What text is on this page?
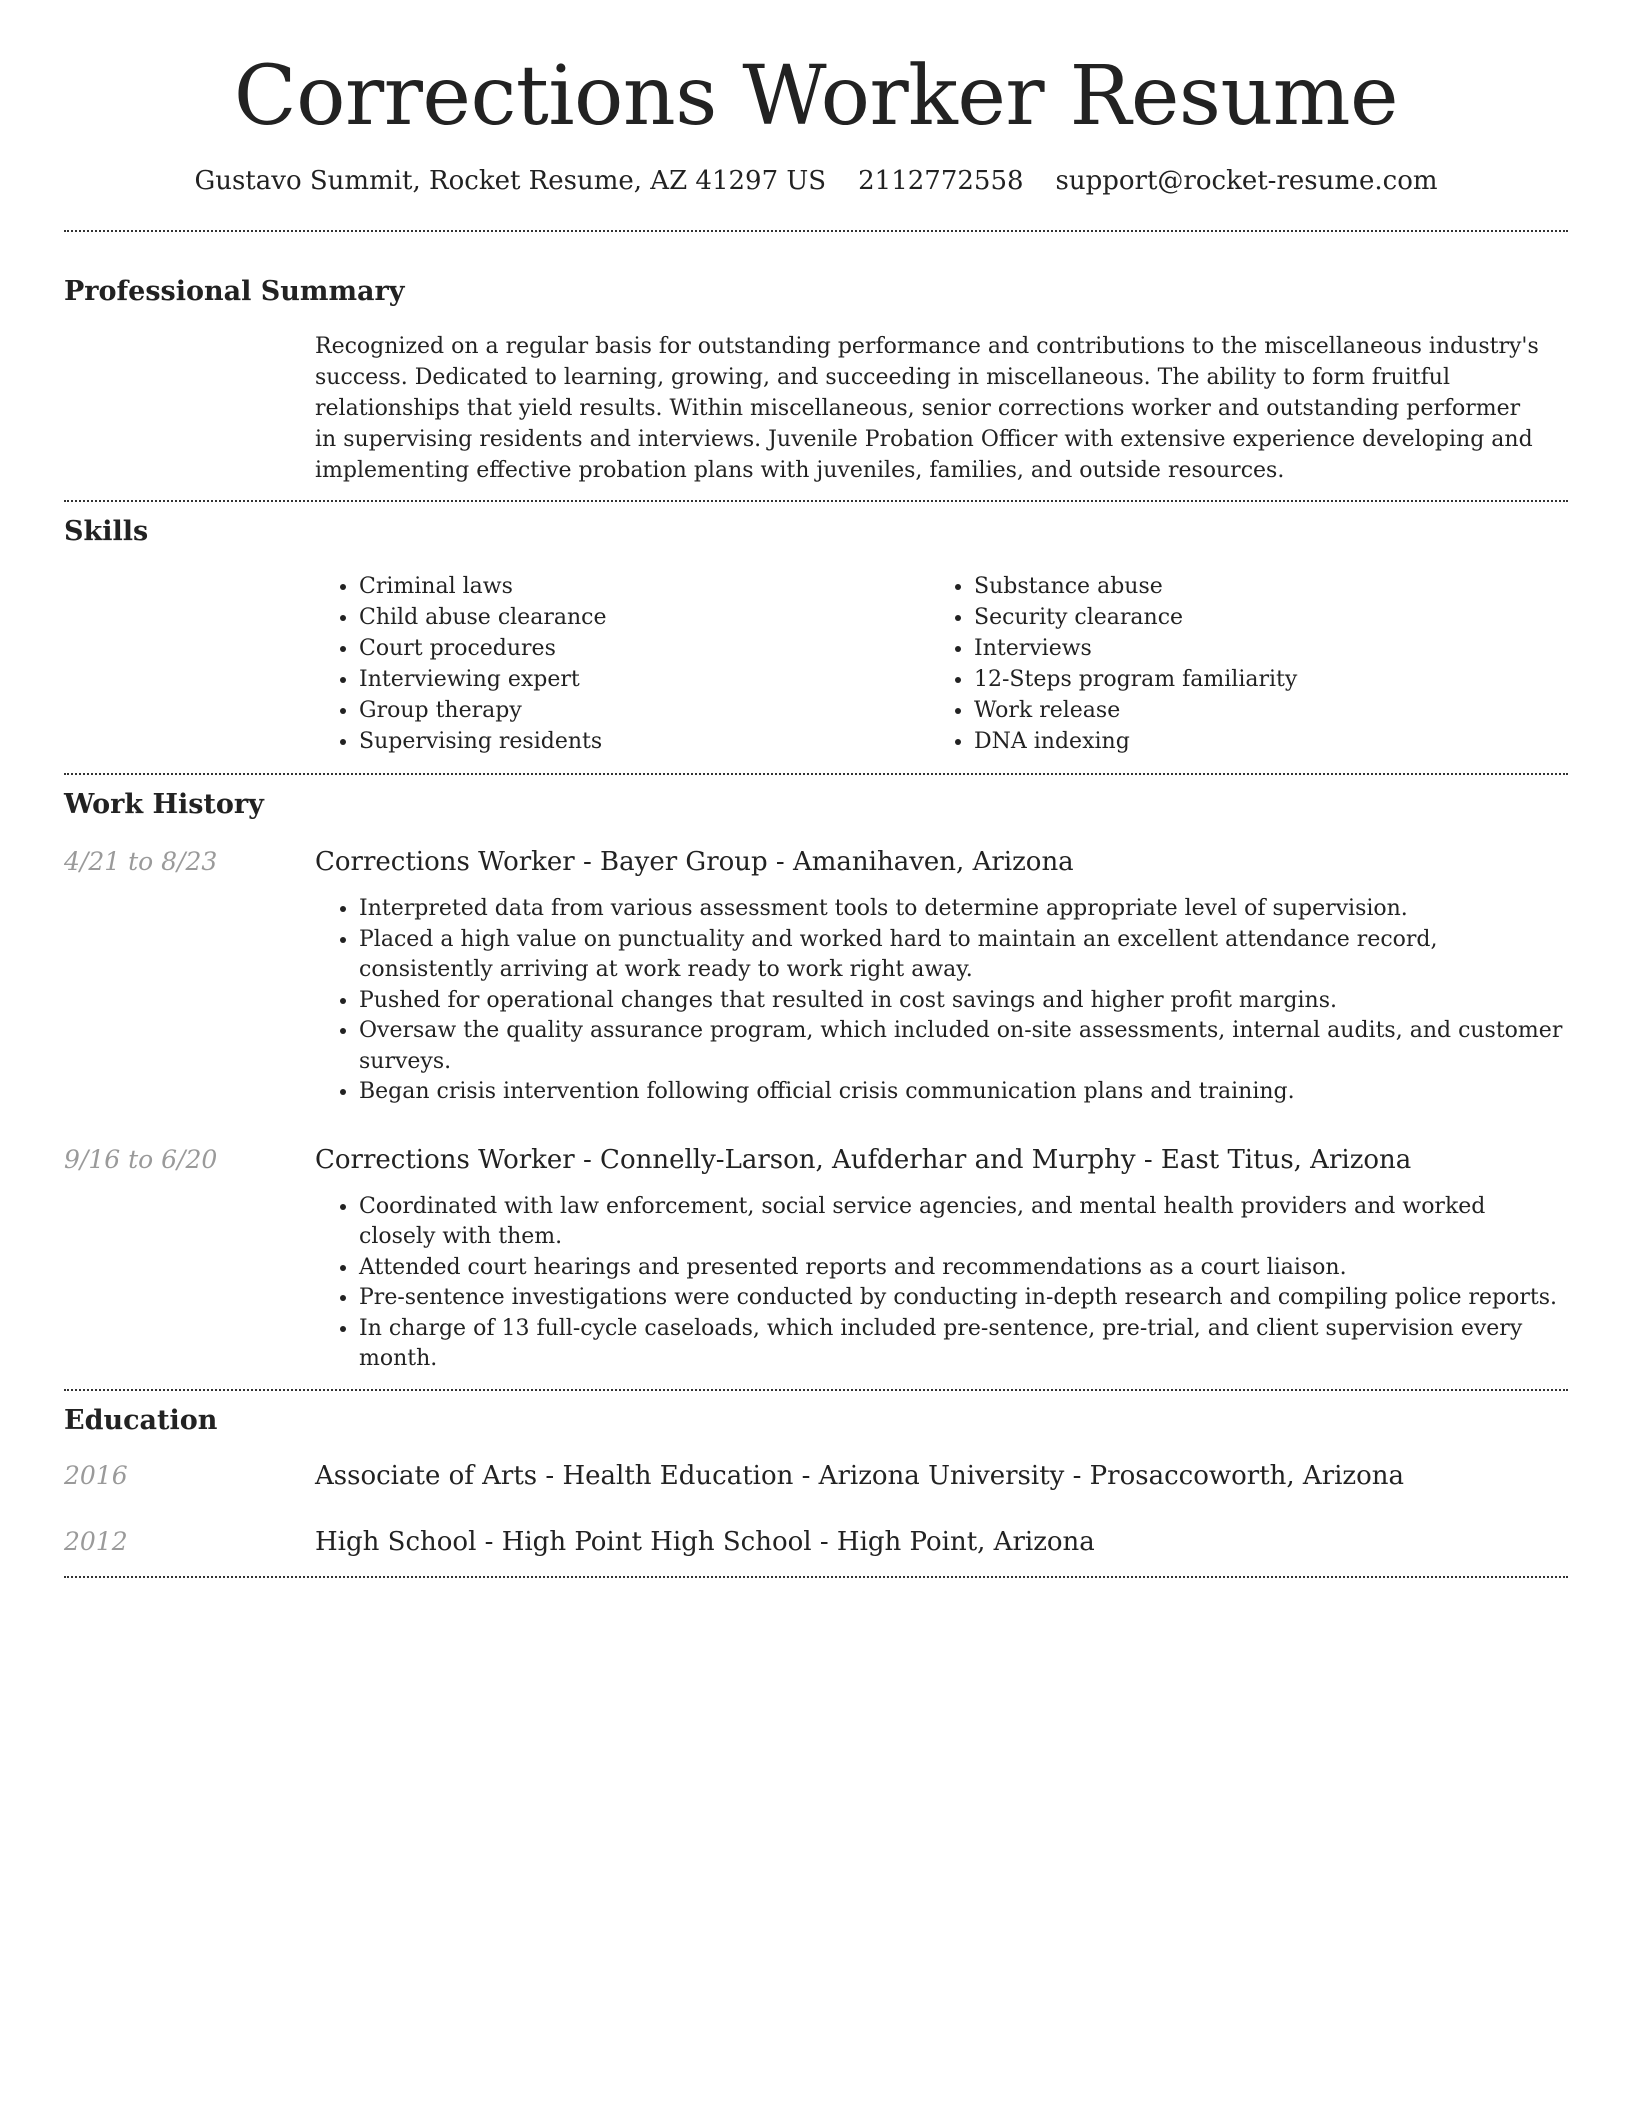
Corrections Worker Resume
Gustavo Summit, Rocket Resume, AZ 41297 US 2112772558 support@rocket-resume.com
Professional Summary

Recognized on a regular basis for outstanding performance and contributions to the miscellaneous industry's success. Dedicated to learning, growing, and succeeding in miscellaneous. The ability to form fruitful relationships that yield results. Within miscellaneous, senior corrections worker and outstanding performer in supervising residents and interviews. Juvenile Probation Officer with extensive experience developing and implementing effective probation plans with juveniles, families, and outside resources.

Skills
• Criminal laws
• Child abuse clearance
• Court procedures
• Interviewing expert
• Group therapy
• Supervising residents
• Substance abuse
• Security clearance
• Interviews
• 12-Steps program familiarity
• Work release
• DNA indexing
Work History
4/21 to 8/23	Corrections Worker - Bayer Group - Amanihaven, Arizona
• Interpreted data from various assessment tools to determine appropriate level of supervision.
• Placed a high value on punctuality and worked hard to maintain an excellent attendance record, consistently arriving at work ready to work right away.
• Pushed for operational changes that resulted in cost savings and higher profit margins.
• Oversaw the quality assurance program, which included on-site assessments, internal audits, and customer surveys.
• Began crisis intervention following official crisis communication plans and training.
9/16 to 6/20	Corrections Worker - Connelly-Larson, Aufderhar and Murphy - East Titus, Arizona
• Coordinated with law enforcement, social service agencies, and mental health providers and worked closely with them.
• Attended court hearings and presented reports and recommendations as a court liaison.
• Pre-sentence investigations were conducted by conducting in-depth research and compiling police reports.
• In charge of 13 full-cycle caseloads, which included pre-sentence, pre-trial, and client supervision every month.
Education
2016	Associate of Arts - Health Education - Arizona University - Prosaccoworth, Arizona
2012	High School - High Point High School - High Point, Arizona
